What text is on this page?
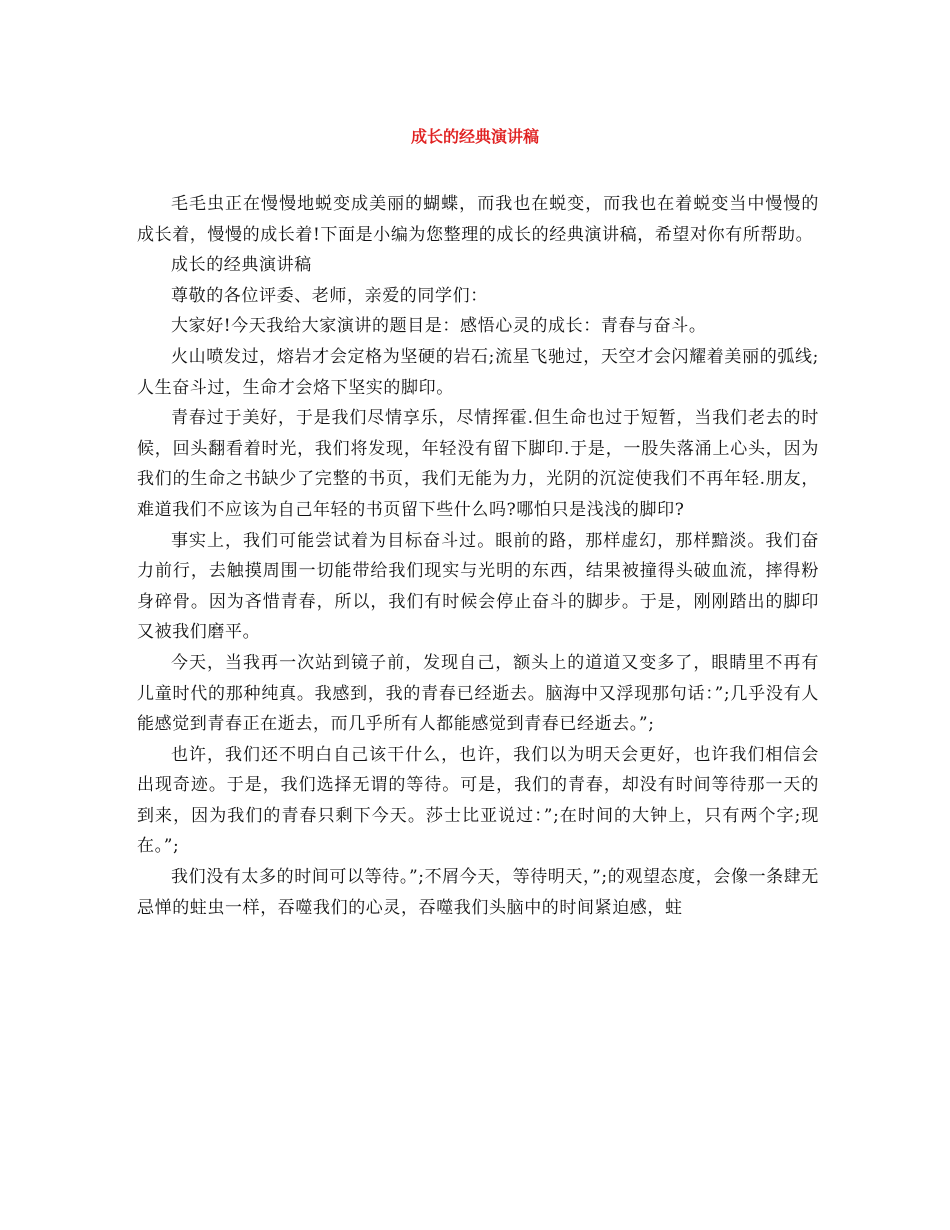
成长的经典演讲稿

毛毛虫正在慢慢地蜕变成美丽的蝴蝶，而我也在蜕变，而我也在着蜕变当中慢慢的成长着，慢慢的成长着!下面是小编为您整理的成长的经典演讲稿，希望对你有所帮助。

成长的经典演讲稿

尊敬的各位评委、老师，亲爱的同学们：

大家好!今天我给大家演讲的题目是：感悟心灵的成长：青春与奋斗。

火山喷发过，熔岩才会定格为坚硬的岩石;流星飞驰过，天空才会闪耀着美丽的弧线;人生奋斗过，生命才会烙下坚实的脚印。

青春过于美好，于是我们尽情享乐，尽情挥霍.但生命也过于短暂，当我们老去的时候，回头翻看着时光，我们将发现，年轻没有留下脚印.于是，一股失落涌上心头，因为我们的生命之书缺少了完整的书页，我们无能为力，光阴的沉淀使我们不再年轻.朋友，难道我们不应该为自己年轻的书页留下些什么吗?哪怕只是浅浅的脚印?

事实上，我们可能尝试着为目标奋斗过。眼前的路，那样虚幻，那样黯淡。我们奋力前行，去触摸周围一切能带给我们现实与光明的东西，结果被撞得头破血流，摔得粉身碎骨。因为吝惜青春，所以，我们有时候会停止奋斗的脚步。于是，刚刚踏出的脚印又被我们磨平。

今天，当我再一次站到镜子前，发现自己，额头上的道道又变多了，眼睛里不再有儿童时代的那种纯真。我感到，我的青春已经逝去。脑海中又浮现那句话：”;几乎没有人能感觉到青春正在逝去，而几乎所有人都能感觉到青春已经逝去。”;

也许，我们还不明白自己该干什么，也许，我们以为明天会更好，也许我们相信会出现奇迹。于是，我们选择无谓的等待。可是，我们的青春，却没有时间等待那一天的到来，因为我们的青春只剩下今天。莎士比亚说过：”;在时间的大钟上，只有两个字;现在。”;

我们没有太多的时间可以等待。”;不屑今天，等待明天，”;的观望态度，会像一条肆无忌惮的蛀虫一样，吞噬我们的心灵，吞噬我们头脑中的时间紧迫感，蛀
